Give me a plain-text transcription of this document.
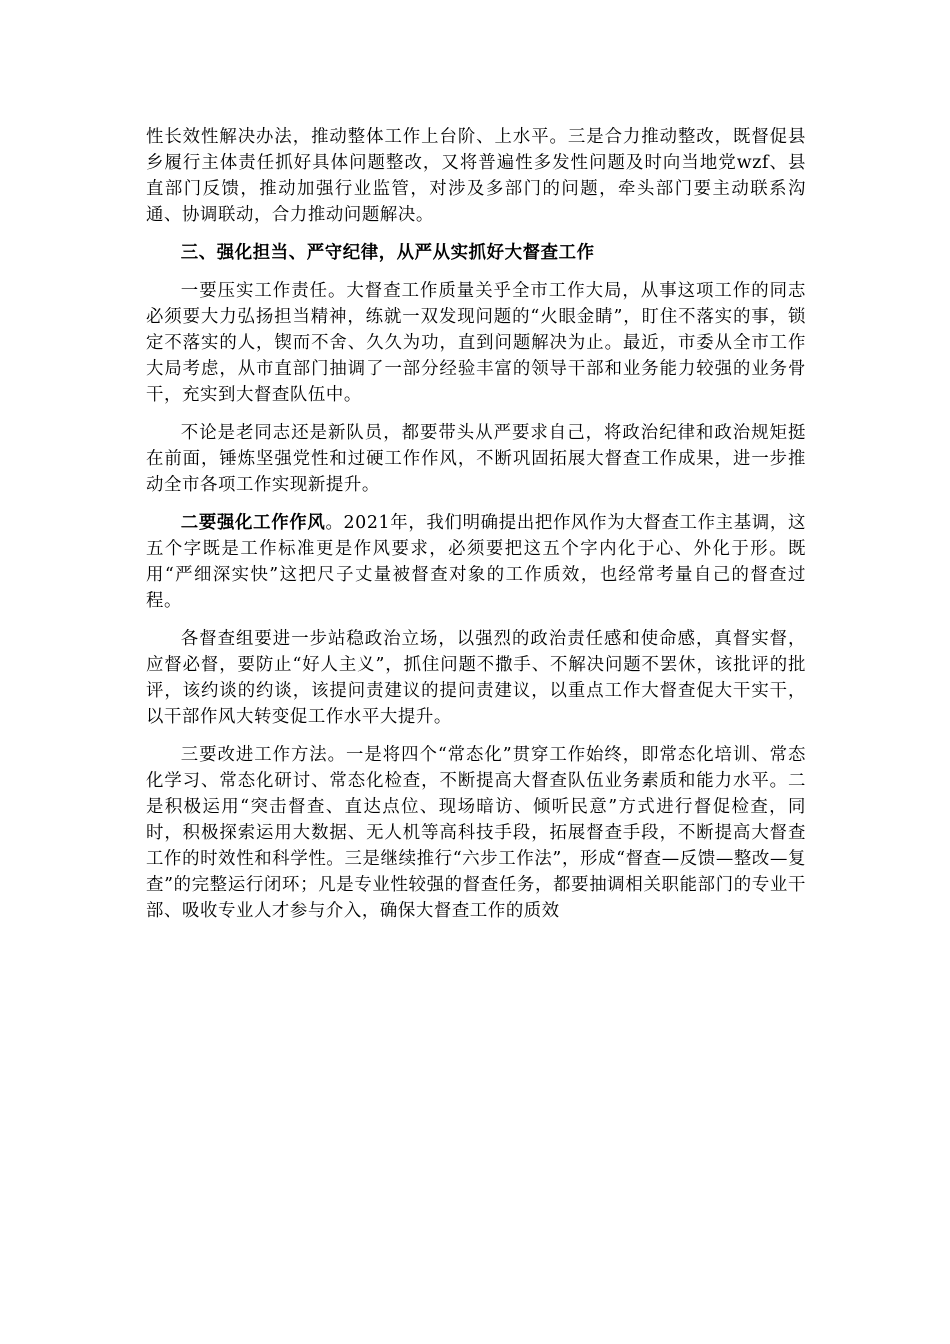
性长效性解决办法，推动整体工作上台阶、上水平。三是合力推动整改，既督促县乡履行主体责任抓好具体问题整改，又将普遍性多发性问题及时向当地党wzf、县直部门反馈，推动加强行业监管，对涉及多部门的问题，牵头部门要主动联系沟通、协调联动，合力推动问题解决。

三、强化担当、严守纪律，从严从实抓好大督查工作

一要压实工作责任。大督查工作质量关乎全市工作大局，从事这项工作的同志必须要大力弘扬担当精神，练就一双发现问题的“火眼金睛”，盯住不落实的事，锁定不落实的人，锲而不舍、久久为功，直到问题解决为止。最近，市委从全市工作大局考虑，从市直部门抽调了一部分经验丰富的领导干部和业务能力较强的业务骨干，充实到大督查队伍中。

不论是老同志还是新队员，都要带头从严要求自己，将政治纪律和政治规矩挺在前面，锤炼坚强党性和过硬工作作风，不断巩固拓展大督查工作成果，进一步推动全市各项工作实现新提升。

二要强化工作作风。2021年，我们明确提出把作风作为大督查工作主基调，这五个字既是工作标准更是作风要求，必须要把这五个字内化于心、外化于形。既用“严细深实快”这把尺子丈量被督查对象的工作质效，也经常考量自己的督查过程。

各督查组要进一步站稳政治立场，以强烈的政治责任感和使命感，真督实督，应督必督，要防止“好人主义”，抓住问题不撒手、不解决问题不罢休，该批评的批评，该约谈的约谈，该提问责建议的提问责建议，以重点工作大督查促大干实干，以干部作风大转变促工作水平大提升。

三要改进工作方法。一是将四个“常态化”贯穿工作始终，即常态化培训、常态化学习、常态化研讨、常态化检查，不断提高大督查队伍业务素质和能力水平。二是积极运用“突击督查、直达点位、现场暗访、倾听民意”方式进行督促检查，同时，积极探索运用大数据、无人机等高科技手段，拓展督查手段，不断提高大督查工作的时效性和科学性。三是继续推行“六步工作法”，形成“督查—反馈—整改—复查”的完整运行闭环；凡是专业性较强的督查任务，都要抽调相关职能部门的专业干部、吸收专业人才参与介入，确保大督查工作的质效
